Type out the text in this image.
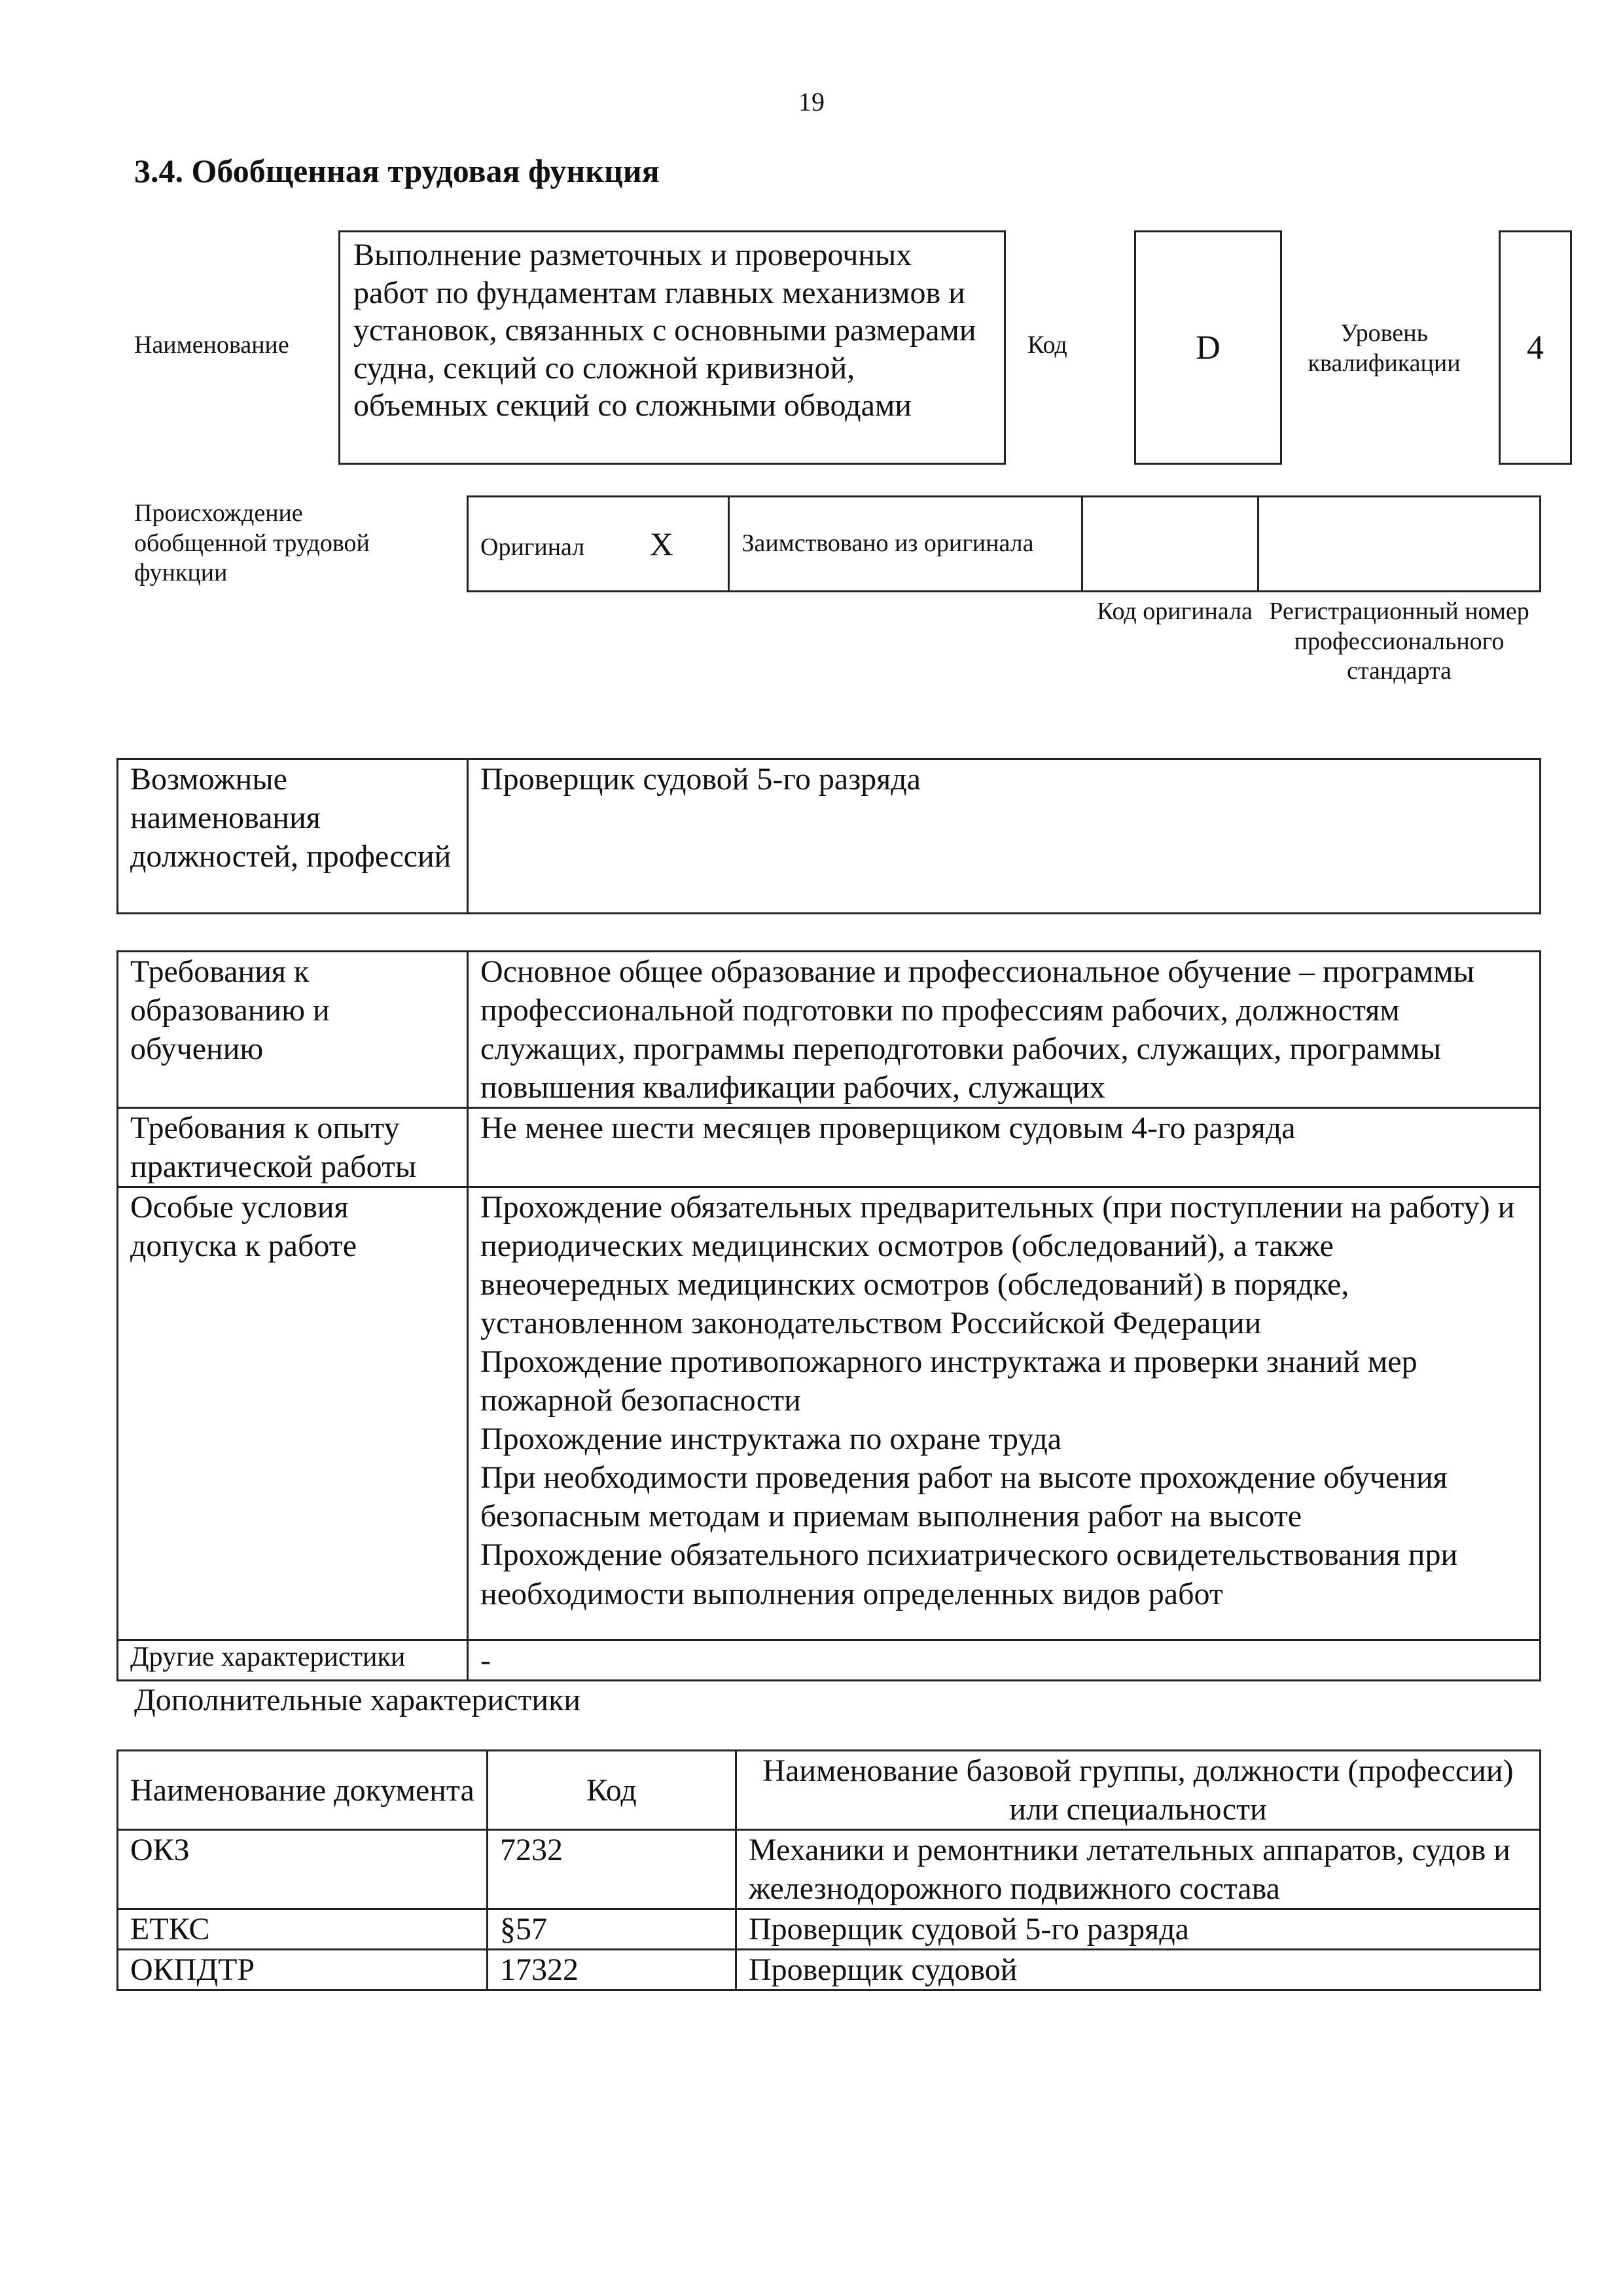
19
3.4. Обобщенная трудовая функция
Наименование
Выполнение разметочных и проверочных работ по фундаментам главных механизмов и установок, связанных с основными размерами судна, секций со сложной кривизной, объемных секций со сложными обводами
Код	D	Уровень квалификации	4
Происхождение обобщенной трудовой функции
Оригинал X	Заимствовано из оригинала		
Код оригинала Регистрационный номер профессионального стандарта
Возможные наименования должностей, профессий	Проверщик судовой 5-го разряда
Требования к образованию и обучению	Основное общее образование и профессиональное обучение – программы профессиональной подготовки по профессиям рабочих, должностям служащих, программы переподготовки рабочих, служащих, программы повышения квалификации рабочих, служащих
Требования к опыту практической работы	Не менее шести месяцев проверщиком судовым 4-го разряда
Особые условия допуска к работе	Прохождение обязательных предварительных (при поступлении на работу) и периодических медицинских осмотров (обследований), а также внеочередных медицинских осмотров (обследований) в порядке, установленном законодательством Российской Федерации
Прохождение противопожарного инструктажа и проверки знаний мер пожарной безопасности
Прохождение инструктажа по охране труда
При необходимости проведения работ на высоте прохождение обучения безопасным методам и приемам выполнения работ на высоте
Прохождение обязательного психиатрического освидетельствования при необходимости выполнения определенных видов работ

Другие характеристики	-
Дополнительные характеристики
Наименование документа	Код	Наименование базовой группы, должности (профессии) или специальности
ОКЗ	7232	Механики и ремонтники летательных аппаратов, судов и железнодорожного подвижного состава
ЕТКС	§57	Проверщик судовой 5-го разряда
ОКПДТР	17322	Проверщик судовой
